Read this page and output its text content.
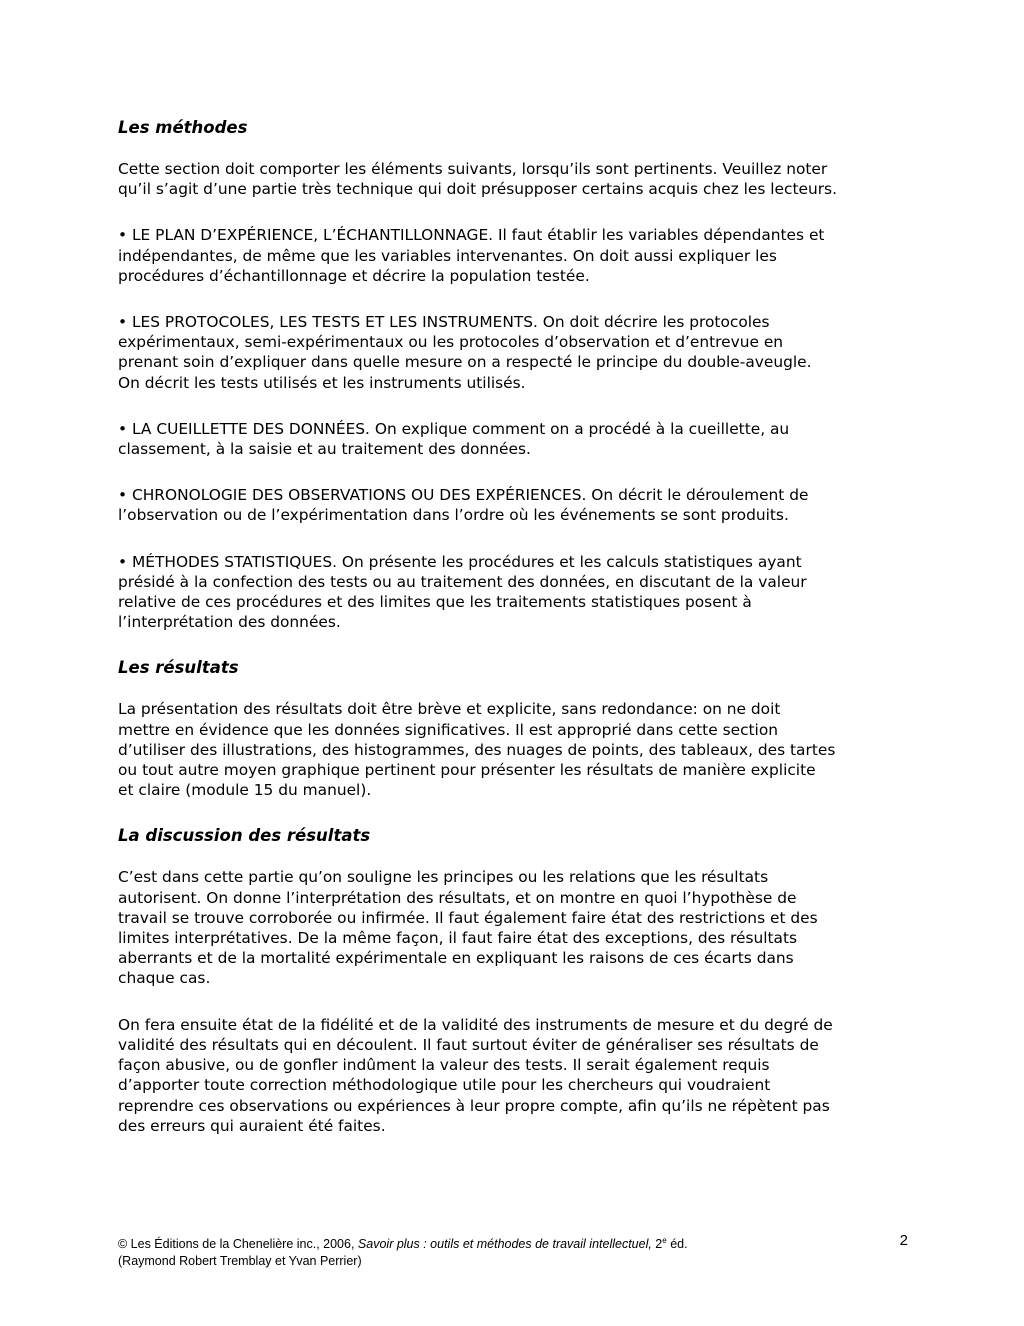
Les méthodes
Cette section doit comporter les éléments suivants, lorsqu’ils sont pertinents. Veuillez noter
qu’il s’agit d’une partie très technique qui doit présupposer certains acquis chez les lecteurs.
• LE PLAN D’EXPÉRIENCE, L’ÉCHANTILLONNAGE. Il faut établir les variables dépendantes et
indépendantes, de même que les variables intervenantes. On doit aussi expliquer les
procédures d’échantillonnage et décrire la population testée.
• LES PROTOCOLES, LES TESTS ET LES INSTRUMENTS. On doit décrire les protocoles
expérimentaux, semi-expérimentaux ou les protocoles d’observation et d’entrevue en
prenant soin d’expliquer dans quelle mesure on a respecté le principe du double-aveugle.
On décrit les tests utilisés et les instruments utilisés.
• LA CUEILLETTE DES DONNÉES. On explique comment on a procédé à la cueillette, au
classement, à la saisie et au traitement des données.
• CHRONOLOGIE DES OBSERVATIONS OU DES EXPÉRIENCES. On décrit le déroulement de
l’observation ou de l’expérimentation dans l’ordre où les événements se sont produits.
• MÉTHODES STATISTIQUES. On présente les procédures et les calculs statistiques ayant
présidé à la confection des tests ou au traitement des données, en discutant de la valeur
relative de ces procédures et des limites que les traitements statistiques posent à
l’interprétation des données.
Les résultats
La présentation des résultats doit être brève et explicite, sans redondance: on ne doit
mettre en évidence que les données significatives. Il est approprié dans cette section
d’utiliser des illustrations, des histogrammes, des nuages de points, des tableaux, des tartes
ou tout autre moyen graphique pertinent pour présenter les résultats de manière explicite
et claire (module 15 du manuel).
La discussion des résultats
C’est dans cette partie qu’on souligne les principes ou les relations que les résultats
autorisent. On donne l’interprétation des résultats, et on montre en quoi l’hypothèse de
travail se trouve corroborée ou infirmée. Il faut également faire état des restrictions et des
limites interprétatives. De la même façon, il faut faire état des exceptions, des résultats
aberrants et de la mortalité expérimentale en expliquant les raisons de ces écarts dans
chaque cas.
On fera ensuite état de la fidélité et de la validité des instruments de mesure et du degré de
validité des résultats qui en découlent. Il faut surtout éviter de généraliser ses résultats de
façon abusive, ou de gonfler indûment la valeur des tests. Il serait également requis
d’apporter toute correction méthodologique utile pour les chercheurs qui voudraient
reprendre ces observations ou expériences à leur propre compte, afin qu’ils ne répètent pas
des erreurs qui auraient été faites.
© Les Éditions de la Chenelière inc., 2006, Savoir plus : outils et méthodes de travail intellectuel, 2e éd.
(Raymond Robert Tremblay et Yvan Perrier)
2
